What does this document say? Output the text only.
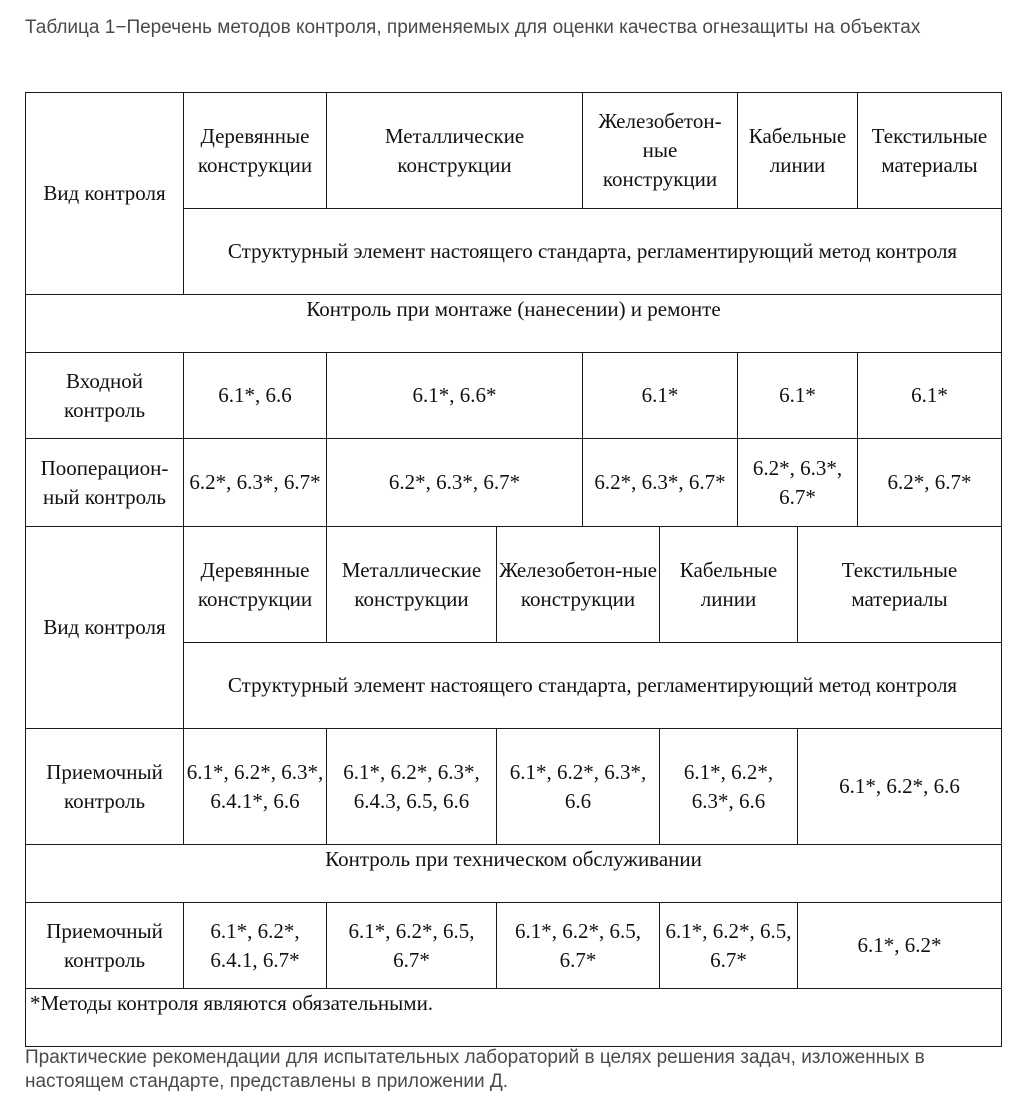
Таблица 1−Перечень методов контроля, применяемых для оценки качества огнезащиты на объектах

Вид контроля	Деревянные конструкции	Металлические конструкции		Железобетон-ные конструкции		Кабельные линии		Текстильные материалы
	Структурный элемент настоящего стандарта, регламентирующий метод контроля							
Контроль при монтаже (нанесении) и ремонте								
Входной контроль	6.1*, 6.6	6.1*, 6.6*		6.1*		6.1*		6.1*
Пооперацион-ный контроль	6.2*, 6.3*, 6.7*	6.2*, 6.3*, 6.7*		6.2*, 6.3*, 6.7*		6.2*, 6.3*, 6.7*		6.2*, 6.7*
Вид контроля	Деревянные конструкции	Металлические конструкции	Железобетон-ные конструкции		Кабельные линии		Текстильные материалы	
	Структурный элемент настоящего стандарта, регламентирующий метод контроля							
Приемочный контроль	6.1*, 6.2*, 6.3*, 6.4.1*, 6.6	6.1*, 6.2*, 6.3*, 6.4.3, 6.5, 6.6	6.1*, 6.2*, 6.3*, 6.6		6.1*, 6.2*, 6.3*, 6.6		6.1*, 6.2*, 6.6	
Контроль при техническом обслуживании								
Приемочный контроль	6.1*, 6.2*, 6.4.1, 6.7*	6.1*, 6.2*, 6.5, 6.7*	6.1*, 6.2*, 6.5, 6.7*		6.1*, 6.2*, 6.5, 6.7*		6.1*, 6.2*	
*Методы контроля являются обязательными.								

Практические рекомендации для испытательных лабораторий в целях решения задач, изложенных в настоящем стандарте, представлены в приложении Д.
